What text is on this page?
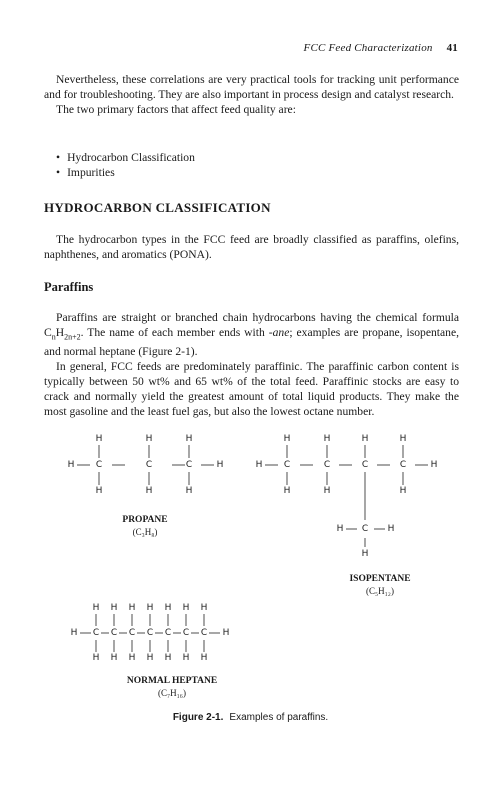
FCC Feed Characterization 41

Nevertheless, these correlations are very practical tools for tracking unit performance and for troubleshooting. They are also important in process design and catalyst research.

The two primary factors that affect feed quality are:

• Hydrocarbon Classification
• Impurities
HYDROCARBON CLASSIFICATION

The hydrocarbon types in the FCC feed are broadly classified as paraffins, olefins, naphthenes, and aromatics (PONA).

Paraffins

Paraffins are straight or branched chain hydrocarbons having the chemical formula $C_nH_{2n+2}$. The name of each member ends with -ane; examples are propane, isopentane, and normal heptane (Figure 2-1).

In general, FCC feeds are predominately paraffinic. The paraffinic carbon content is typically between 50 wt% and 65 wt% of the total feed. Paraffinic stocks are easy to crack and normally yield the greatest amount of total liquid products. They make the most gasoline and the least fuel gas, but also the lowest octane number.

H	H	H
H C	C	C	H
H	H	H
H	H	H	H
H C	C	C	C	H
H	H	H
H C H
H
H H H H H H H
H C C C C C C C H
H H H H H H H
PROPANE
(C₃H₈)
ISOPENTANE
(C₅H₁₂)
NORMAL HEPTANE
(C₇H₁₆)
Figure 2-1. Examples of paraffins.
